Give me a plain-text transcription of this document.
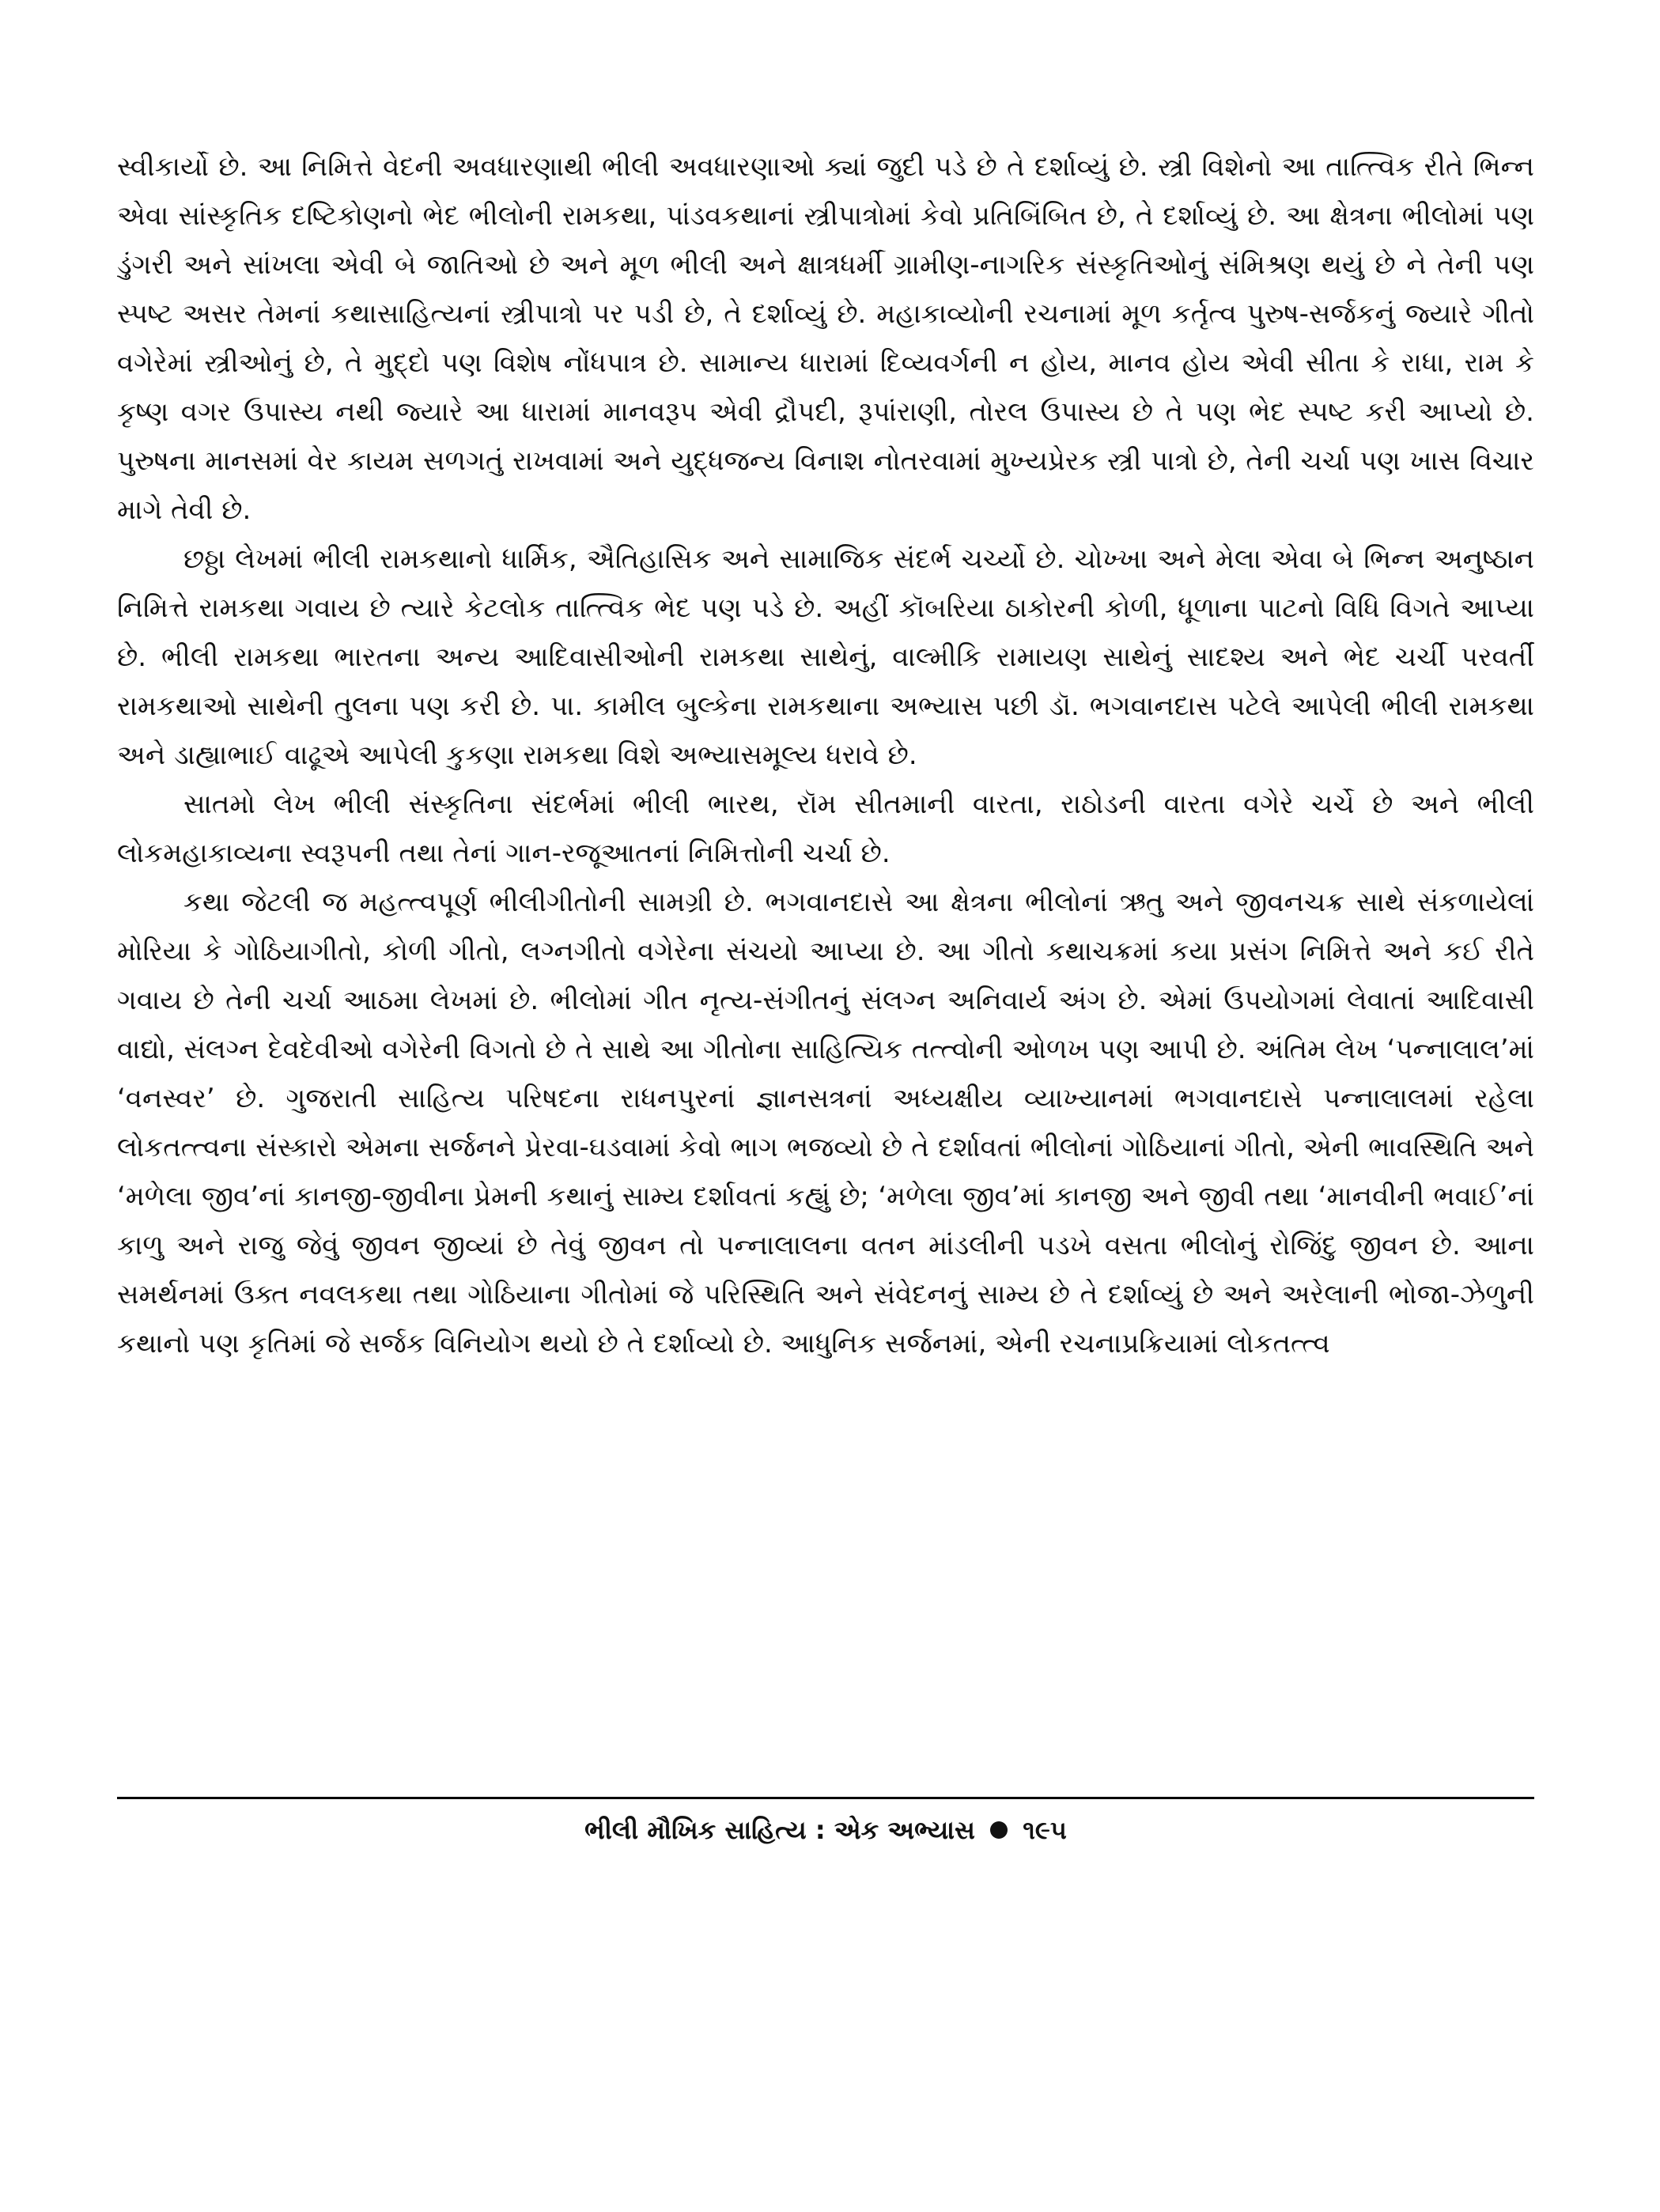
સ્વીકાર્યો છે. આ નિમિત્તે વેદની અવધારણાથી ભીલી અવધારણાઓ ક્યાં જુદી પડે છે તે દર્શાવ્યું છે. સ્ત્રી વિશેનો આ તાત્ત્વિક રીતે ભિન્ન એવા સાંસ્કૃતિક દષ્ટિકોણનો ભેદ ભીલોની રામકથા, પાંડવકથાનાં સ્ત્રીપાત્રોમાં કેવો પ્રતિબિંબિત છે, તે દર્શાવ્યું છે. આ ક્ષેત્રના ભીલોમાં પણ ડુંગરી અને સાંખલા એવી બે જાતિઓ છે અને મૂળ ભીલી અને ક્ષાત્રધર્મી ગ્રામીણ-નાગરિક સંસ્કૃતિઓનું સંમિશ્રણ થયું છે ને તેની પણ સ્પષ્ટ અસર તેમનાં કથાસાહિત્યનાં સ્ત્રીપાત્રો પર પડી છે, તે દર્શાવ્યું છે. મહાકાવ્યોની રચનામાં મૂળ કર્તૃત્વ પુરુષ-સર્જકનું જ્યારે ગીતો વગેરેમાં સ્ત્રીઓનું છે, તે મુદ્દો પણ વિશેષ નોંધપાત્ર છે. સામાન્ય ધારામાં દિવ્યવર્ગની ન હોય, માનવ હોય એવી સીતા કે રાધા, રામ કે કૃષ્ણ વગર ઉપાસ્ય નથી જ્યારે આ ધારામાં માનવરૂપ એવી દ્રૌપદી, રૂપાંરાણી, તોરલ ઉપાસ્ય છે તે પણ ભેદ સ્પષ્ટ કરી આપ્યો છે. પુરુષના માનસમાં વેર કાયમ સળગતું રાખવામાં અને યુદ્ધજન્ય વિનાશ નોતરવામાં મુખ્યપ્રેરક સ્ત્રી પાત્રો છે, તેની ચર્ચા પણ ખાસ વિચાર માગે તેવી છે.

છઠ્ઠા લેખમાં ભીલી રામકથાનો ધાર્મિક, ઐતિહાસિક અને સામાજિક સંદર્ભ ચર્ચ્યો છે. ચોખ્ખા અને મેલા એવા બે ભિન્ન અનુષ્ઠાન નિમિત્તે રામકથા ગવાય છે ત્યારે કેટલોક તાત્ત્વિક ભેદ પણ પડે છે. અહીં કૉબરિયા ઠાકોરની કોળી, ધૂળાના પાટનો વિધિ વિગતે આપ્યા છે. ભીલી રામકથા ભારતના અન્ય આદિવાસીઓની રામકથા સાથેનું, વાલ્મીકિ રામાયણ સાથેનું સાદશ્ય અને ભેદ ચર્ચી પરવર્તી રામકથાઓ સાથેની તુલના પણ કરી છે. પા. કામીલ બુલ્કેના રામકથાના અભ્યાસ પછી ડૉ. ભગવાનદાસ પટેલે આપેલી ભીલી રામકથા અને ડાહ્યાભાઈ વાઢૂએ આપેલી કુકણા રામકથા વિશે અભ્યાસમૂલ્ય ધરાવે છે.

સાતમો લેખ ભીલી સંસ્કૃતિના સંદર્ભમાં ભીલી ભારથ, રૉમ સીતમાની વારતા, રાઠોડની વારતા વગેરે ચર્ચે છે અને ભીલી લોકમહાકાવ્યના સ્વરૂપની તથા તેનાં ગાન-રજૂઆતનાં નિમિત્તોની ચર્ચા છે.

કથા જેટલી જ મહત્ત્વપૂર્ણ ભીલીગીતોની સામગ્રી છે. ભગવાનદાસે આ ક્ષેત્રના ભીલોનાં ઋતુ અને જીવનચક્ર સાથે સંકળાયેલાં મોરિયા કે ગોઠિયાગીતો, કોળી ગીતો, લગ્નગીતો વગેરેના સંચયો આપ્યા છે. આ ગીતો કથાચક્રમાં કયા પ્રસંગ નિમિત્તે અને કઈ રીતે ગવાય છે તેની ચર્ચા આઠમા લેખમાં છે. ભીલોમાં ગીત નૃત્ય-સંગીતનું સંલગ્ન અનિવાર્ય અંગ છે. એમાં ઉપયોગમાં લેવાતાં આદિવાસી વાદ્યો, સંલગ્ન દેવદેવીઓ વગેરેની વિગતો છે તે સાથે આ ગીતોના સાહિત્યિક તત્ત્વોની ઓળખ પણ આપી છે. અંતિમ લેખ ‘પન્નાલાલ’માં ‘વનસ્વર’ છે. ગુજરાતી સાહિત્ય પરિષદના રાધનપુરનાં જ્ઞાનસત્રનાં અધ્યક્ષીય વ્યાખ્યાનમાં ભગવાનદાસે પન્નાલાલમાં રહેલા લોકતત્ત્વના સંસ્કારો એમના સર્જનને પ્રેરવા-ઘડવામાં કેવો ભાગ ભજવ્યો છે તે દર્શાવતાં ભીલોનાં ગોઠિયાનાં ગીતો, એની ભાવસ્થિતિ અને ‘મળેલા જીવ’નાં કાનજી-જીવીના પ્રેમની કથાનું સામ્ય દર્શાવતાં કહ્યું છે; ‘મળેલા જીવ’માં કાનજી અને જીવી તથા ‘માનવીની ભવાઈ’નાં કાળુ અને રાજુ જેવું જીવન જીવ્યાં છે તેવું જીવન તો પન્નાલાલના વતન માંડલીની પડખે વસતા ભીલોનું રોજિંદુ જીવન છે. આના સમર્થનમાં ઉક્ત નવલકથા તથા ગોઠિયાના ગીતોમાં જે પરિસ્થિતિ અને સંવેદનનું સામ્ય છે તે દર્શાવ્યું છે અને અરેલાની ભોજા-ઝેળુની કથાનો પણ કૃતિમાં જે સર્જક વિનિયોગ થયો છે તે દર્શાવ્યો છે. આધુનિક સર્જનમાં, એની રચનાપ્રક્રિયામાં લોકતત્ત્વ

ભીલી મૌખિક સાહિત્ય : એક અભ્યાસ ૧૯૫
